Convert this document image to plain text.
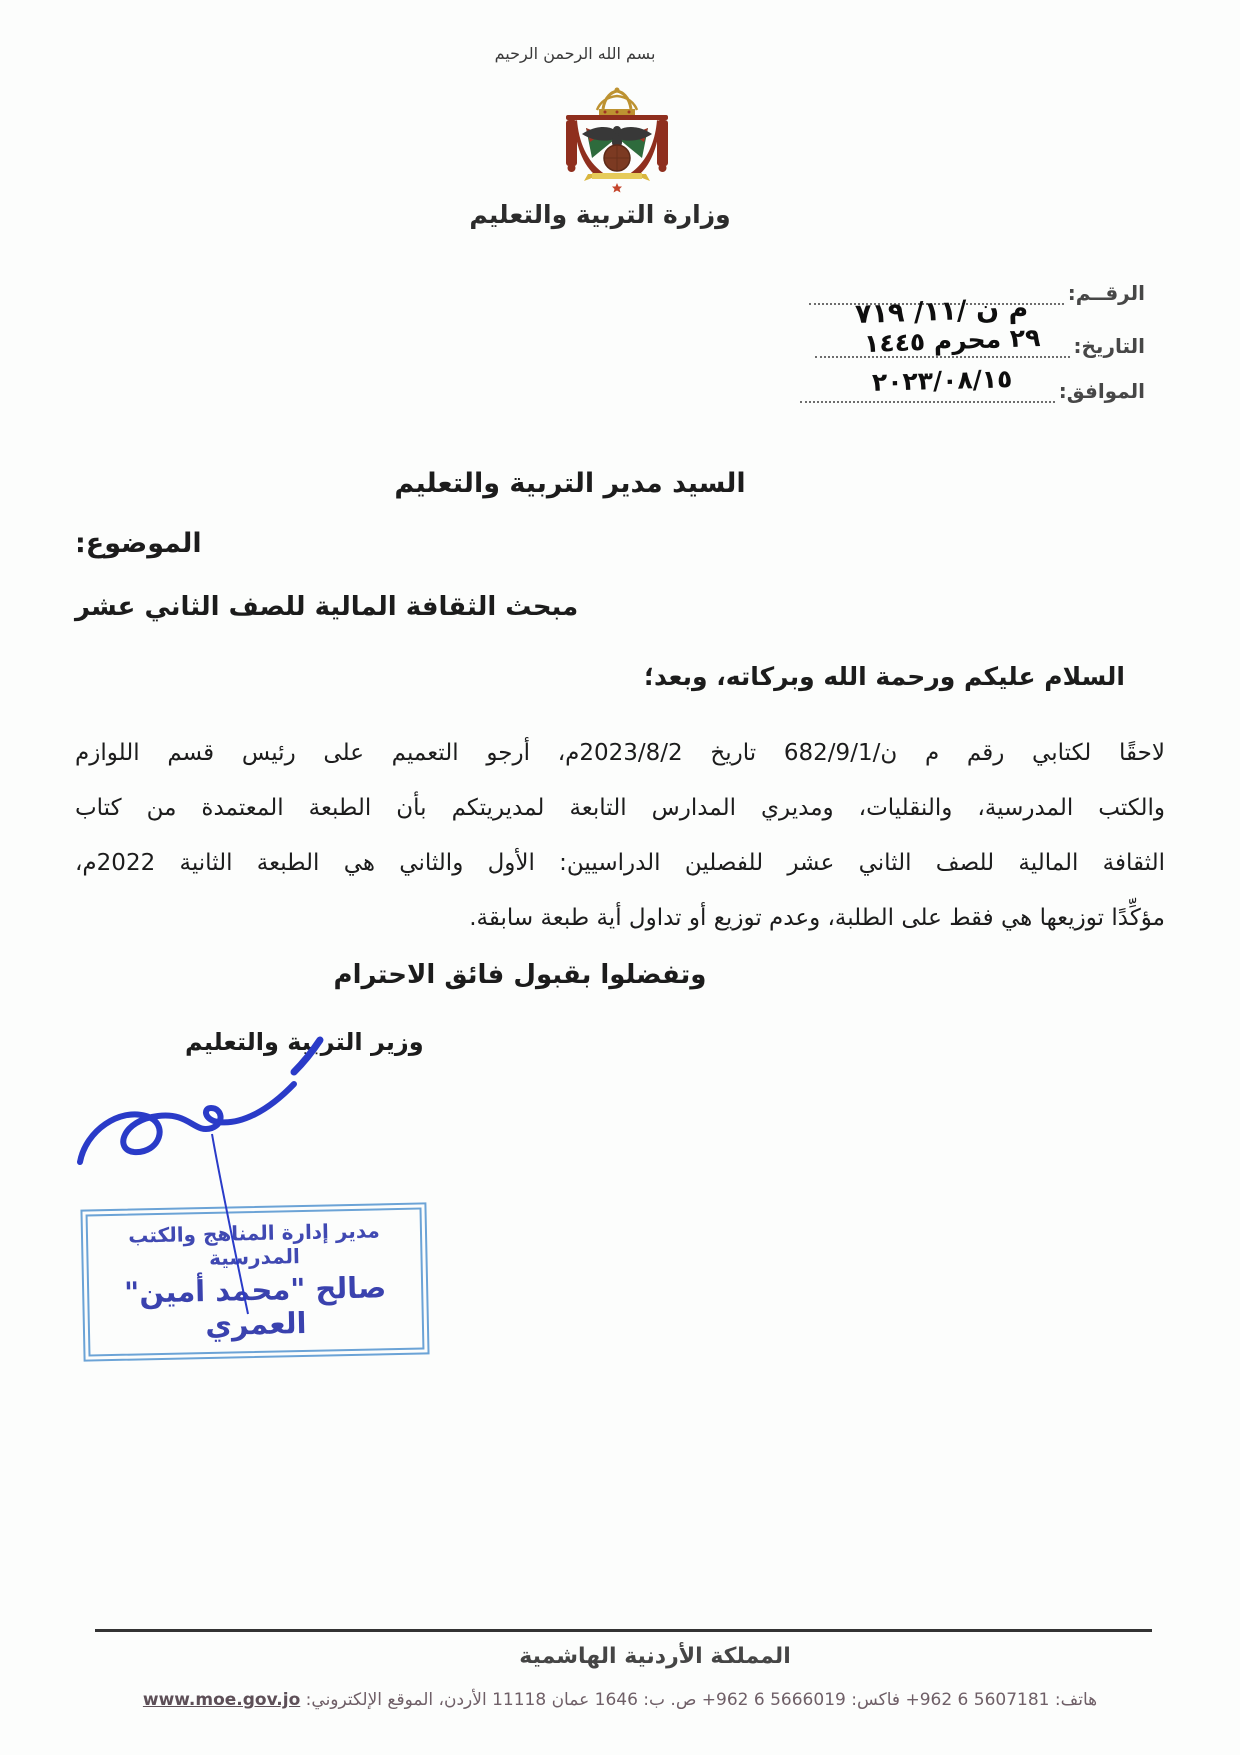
بسم الله الرحمن الرحيم
وزارة التربية والتعليم
الرقــم:
التاريخ:
الموافق:
م ن /١١/ ٧١٩
٢٩ محرم ١٤٤٥
٢٠٢٣/٠٨/١٥
السيد مدير التربية والتعليم
الموضوع:
مبحث الثقافة المالية للصف الثاني عشر
السلام عليكم ورحمة الله وبركاته، وبعد؛
لاحقًا لكتابي رقم م ن/682/9/1 تاريخ 2023/8/2م، أرجو التعميم على رئيس قسم اللوازم
والكتب المدرسية، والنقليات، ومديري المدارس التابعة لمديريتكم بأن الطبعة المعتمدة من كتاب
الثقافة المالية للصف الثاني عشر للفصلين الدراسيين: الأول والثاني هي الطبعة الثانية 2022م،
مؤكِّدًا توزيعها هي فقط على الطلبة، وعدم توزيع أو تداول أية طبعة سابقة.
وتفضلوا بقبول فائق الاحترام
وزير التربية والتعليم
مدير إدارة المناهج والكتب المدرسية
صالح "محمد أمين" العمري
المملكة الأردنية الهاشمية
هاتف: +962 6 5607181 فاكس: +962 6 5666019 ص. ب: 1646 عمان 11118 الأردن، الموقع الإلكتروني: www.moe.gov.jo
